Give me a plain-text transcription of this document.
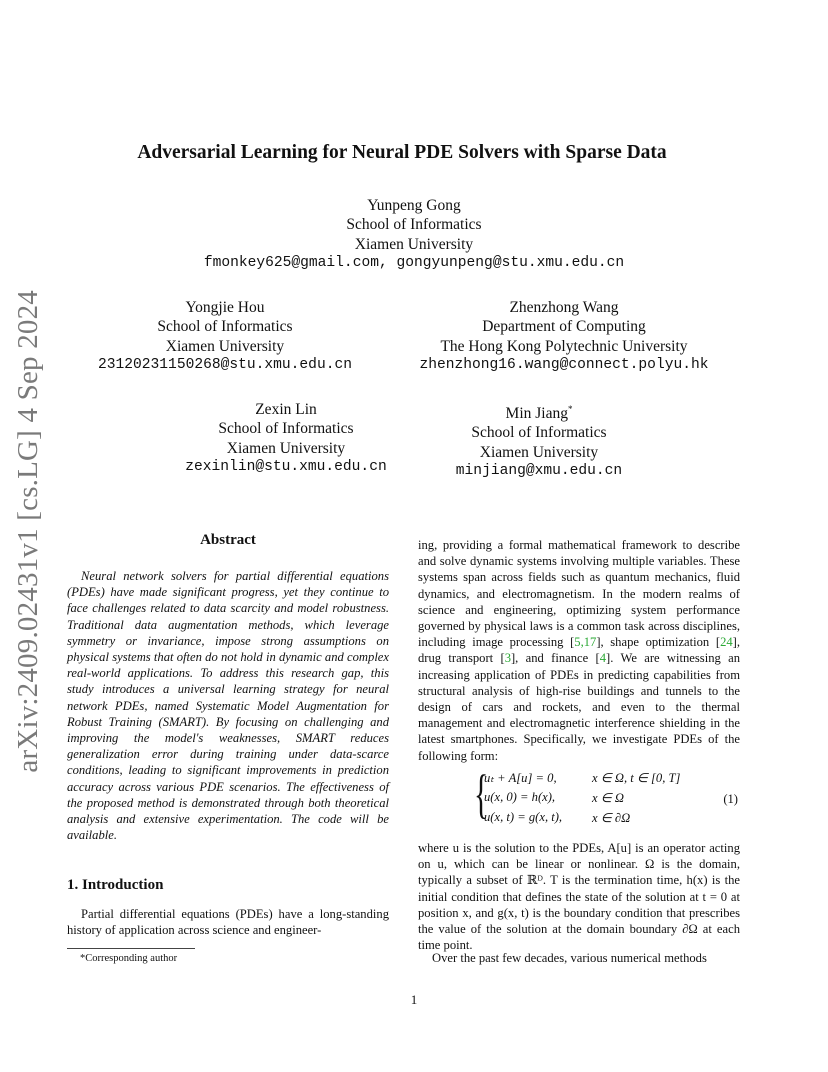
arXiv:2409.02431v1 [cs.LG] 4 Sep 2024
Adversarial Learning for Neural PDE Solvers with Sparse Data
Yunpeng Gong
School of Informatics
Xiamen University
fmonkey625@gmail.com, gongyunpeng@stu.xmu.edu.cn
Yongjie Hou
School of Informatics
Xiamen University
23120231150268@stu.xmu.edu.cn
Zhenzhong Wang
Department of Computing
The Hong Kong Polytechnic University
zhenzhong16.wang@connect.polyu.hk
Zexin Lin
School of Informatics
Xiamen University
zexinlin@stu.xmu.edu.cn
Min Jiang*
School of Informatics
Xiamen University
minjiang@xmu.edu.cn
Abstract
Neural network solvers for partial differential equations (PDEs) have made significant progress, yet they continue to face challenges related to data scarcity and model robustness. Traditional data augmentation methods, which leverage symmetry or invariance, impose strong assumptions on physical systems that often do not hold in dynamic and complex real-world applications. To address this research gap, this study introduces a universal learning strategy for neural network PDEs, named Systematic Model Augmentation for Robust Training (SMART). By focusing on challenging and improving the model's weaknesses, SMART reduces generalization error during training under data-scarce conditions, leading to significant improvements in prediction accuracy across various PDE scenarios. The effectiveness of the proposed method is demonstrated through both theoretical analysis and extensive experimentation. The code will be available.
1. Introduction
Partial differential equations (PDEs) have a long-standing history of application across science and engineer-
*Corresponding author
ing, providing a formal mathematical framework to describe and solve dynamic systems involving multiple variables. These systems span across fields such as quantum mechanics, fluid dynamics, and electromagnetism. In the modern realms of science and engineering, optimizing system performance governed by physical laws is a common task across disciplines, including image processing [5,17], shape optimization [24], drug transport [3], and finance [4]. We are witnessing an increasing application of PDEs in predicting capabilities from structural analysis of high-rise buildings and tunnels to the design of cars and rockets, and even to the thermal management and electromagnetic interference shielding in the latest smartphones. Specifically, we investigate PDEs of the following form:
{
uₜ + A[u] = 0,
u(x, 0) = h(x),
u(x, t) = g(x, t),
x ∈ Ω, t ∈ [0, T]
x ∈ Ω
x ∈ ∂Ω
(1)
where u is the solution to the PDEs, A[u] is an operator acting on u, which can be linear or nonlinear. Ω is the domain, typically a subset of ℝᴰ. T is the termination time, h(x) is the initial condition that defines the state of the solution at t = 0 at position x, and g(x, t) is the boundary condition that prescribes the value of the solution at the domain boundary ∂Ω at each time point.
Over the past few decades, various numerical methods
1
